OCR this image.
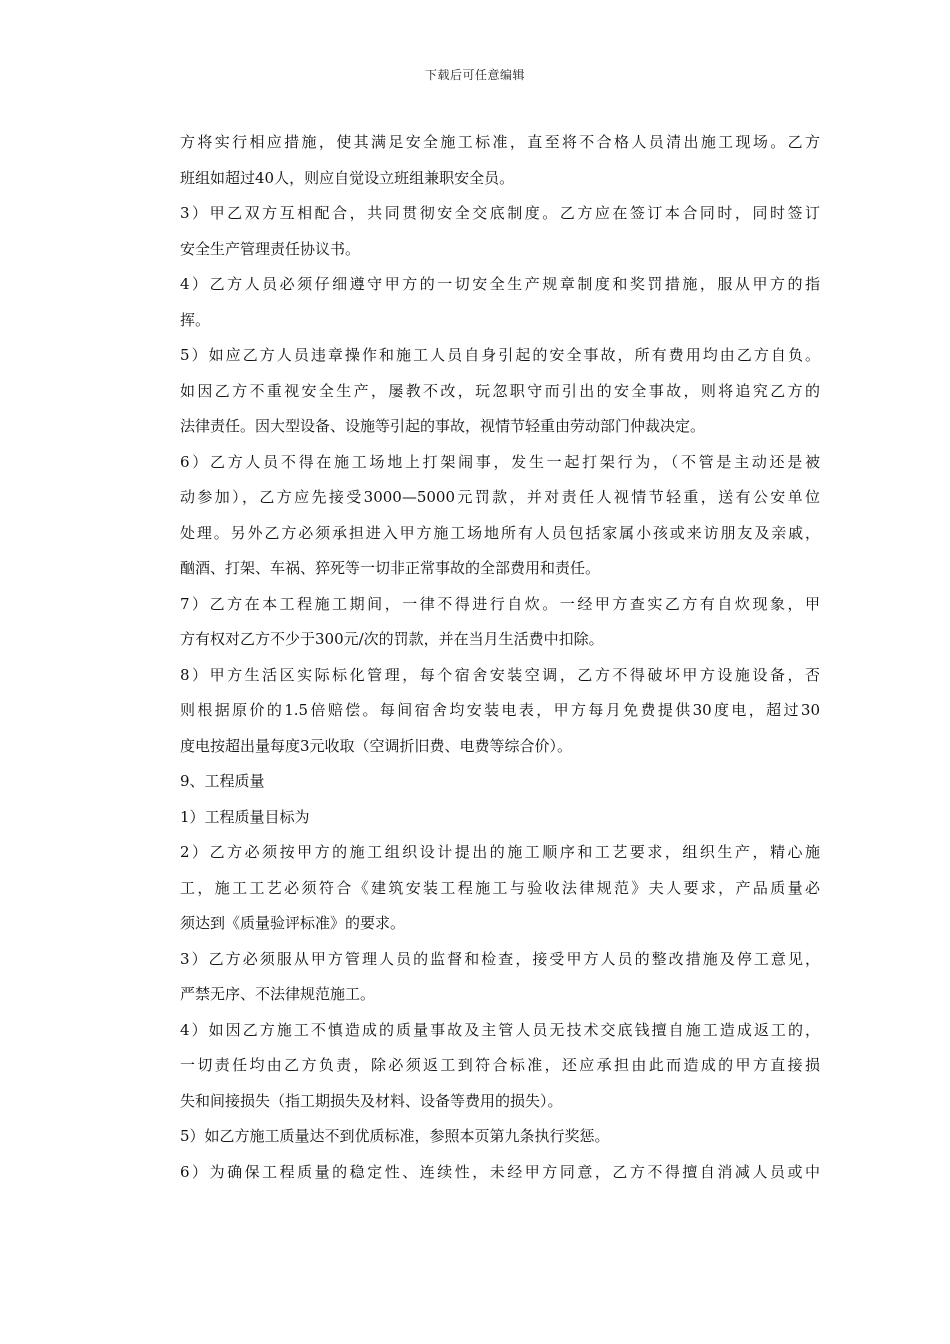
下载后可任意编辑
方将实行相应措施，使其满足安全施工标准，直至将不合格人员清出施工现场。乙方
班组如超过40人，则应自觉设立班组兼职安全员。
3）甲乙双方互相配合，共同贯彻安全交底制度。乙方应在签订本合同时，同时签订
安全生产管理责任协议书。
4）乙方人员必须仔细遵守甲方的一切安全生产规章制度和奖罚措施，服从甲方的指
挥。
5）如应乙方人员违章操作和施工人员自身引起的安全事故，所有费用均由乙方自负。
如因乙方不重视安全生产，屡教不改，玩忽职守而引出的安全事故，则将追究乙方的
法律责任。因大型设备、设施等引起的事故，视情节轻重由劳动部门仲裁决定。
6）乙方人员不得在施工场地上打架闹事，发生一起打架行为，（不管是主动还是被
动参加），乙方应先接受3000—5000元罚款，并对责任人视情节轻重，送有公安单位
处理。另外乙方必须承担进入甲方施工场地所有人员包括家属小孩或来访朋友及亲戚，
酗酒、打架、车祸、猝死等一切非正常事故的全部费用和责任。
7）乙方在本工程施工期间，一律不得进行自炊。一经甲方查实乙方有自炊现象，甲
方有权对乙方不少于300元/次的罚款，并在当月生活费中扣除。
8）甲方生活区实际标化管理，每个宿舍安装空调，乙方不得破坏甲方设施设备，否
则根据原价的1.5倍赔偿。每间宿舍均安装电表，甲方每月免费提供30度电，超过30
度电按超出量每度3元收取（空调折旧费、电费等综合价）。
9、工程质量
1）工程质量目标为
2）乙方必须按甲方的施工组织设计提出的施工顺序和工艺要求，组织生产，精心施
工，施工工艺必须符合《建筑安装工程施工与验收法律规范》夫人要求，产品质量必
须达到《质量验评标准》的要求。
3）乙方必须服从甲方管理人员的监督和检查，接受甲方人员的整改措施及停工意见，
严禁无序、不法律规范施工。
4）如因乙方施工不慎造成的质量事故及主管人员无技术交底钱擅自施工造成返工的，
一切责任均由乙方负责，除必须返工到符合标准，还应承担由此而造成的甲方直接损
失和间接损失（指工期损失及材料、设备等费用的损失）。
5）如乙方施工质量达不到优质标准，参照本页第九条执行奖惩。
6）为确保工程质量的稳定性、连续性，未经甲方同意，乙方不得擅自消减人员或中
